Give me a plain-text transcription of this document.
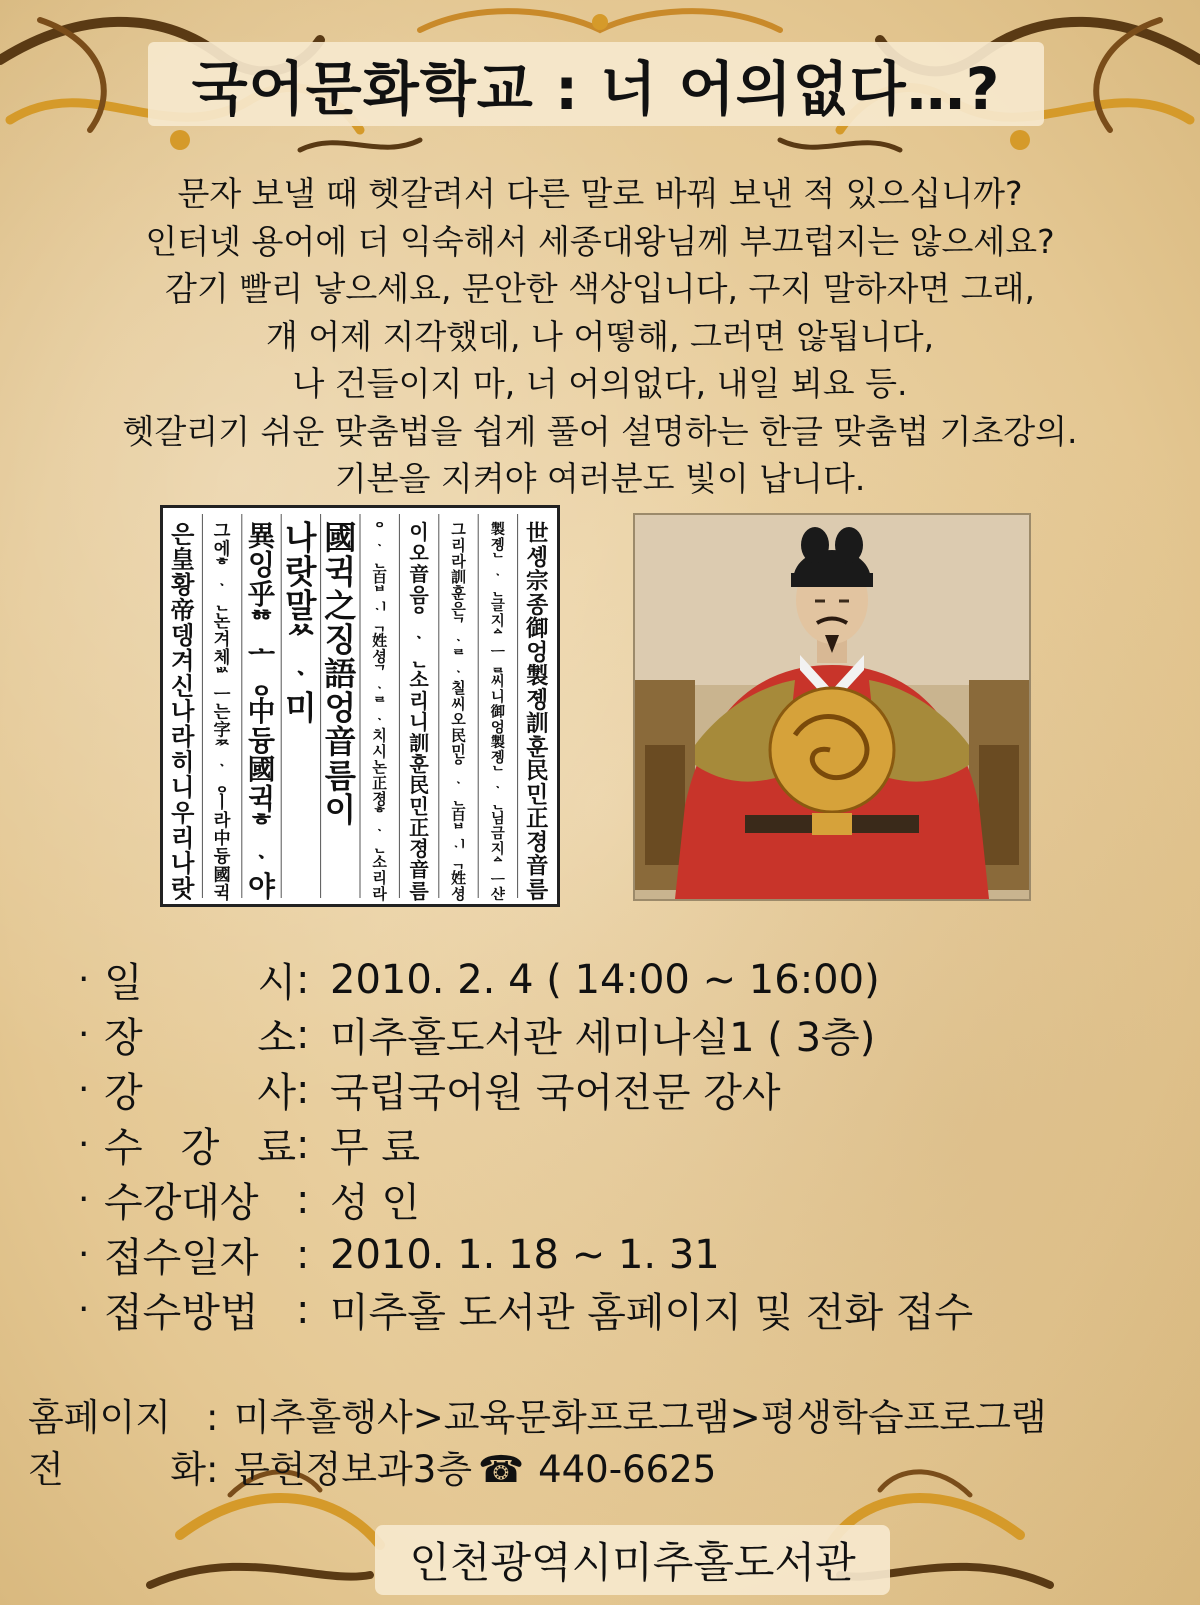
국어문화학교 : 너 어의없다…?
문자 보낼 때 헷갈려서 다른 말로 바꿔 보낸 적 있으십니까?
인터넷 용어에 더 익숙해서 세종대왕님께 부끄럽지는 않으세요?
감기 빨리 낳으세요, 문안한 색상입니다, 구지 말하자면 그래,
걔 어제 지각했데, 나 어떻해, 그러면 않됩니다,
나 건들이지 마, 너 어의없다, 내일 뵈요 등.
헷갈리기 쉬운 맞춤법을 쉽게 풀어 설명하는 한글 맞춤법 기초강의.
기본을 지켜야 여러분도 빛이 납니다.
世
솅
宗
종
御
엉
製
졩
訓
훈
民
민
正
졍
音
름
製
졩
ᄂ
ᆞ
ᆫ
글
지
ᅀ
ᅳ
ᆯ
씨
니
御
엉
製
졩
ᄂ
ᆞ
ᆫ
님
금
지
ᅀ
ᅳ
샨
그
리
라
訓
훈
은
ᄀ
ᆞ
ᄅ
ᆞ
칠
씨
오
民
민
ᄋ
ᆞ
ᆫ
百
ᄇ
ᆡ
ᆨ
姓
셩
이
오
音
음
ᄋ
ᆞ
ᆫ
소
리
니
訓
훈
民
민
正
졍
音
름
ᄋ
ᆞ
ᆫ
百
ᄇ
ᆡ
ᆨ
姓
셩
ᄀ
ᆞ
ᄅ
ᆞ
치
시
논
正
졍
ᄒ
ᆞ
ᆫ
소
리
라
國
귁
之
징
語
엉
音
름
이
나
랏
말
ᄊ
ᆞ
미
異
잉
乎
ᅘ
ᅩ
ᆼ
中
듕
國
귁
ᄒ
ᆞ
야
그
에
ᄒ
ᆞ
ᆫ
논
겨
체
ᄡ
ᅳ
는
字
ᄍ
ᆞ
ᆼ
ㅣ
라
中
듕
國
귁
은
皇
황
帝
뎅
겨
신
나
라
히
니
우
리
나
랏
· 일	시 : 2010. 2. 4 ( 14:00 ~ 16:00)
· 장	소 : 미추홀도서관 세미나실1 ( 3층)
· 강	사 : 국립국어원 국어전문 강사
· 수 강 료 : 무 료
· 수강대상 : 성 인
· 접수일자 : 2010. 1. 18 ~ 1. 31
· 접수방법 : 미추홀 도서관 홈페이지 및 전화 접수
홈페이지 : 미추홀행사>교육문화프로그램>평생학습프로그램
전	화 : 문헌정보과3층 ☎ 440-6625

인천광역시미추홀도서관
